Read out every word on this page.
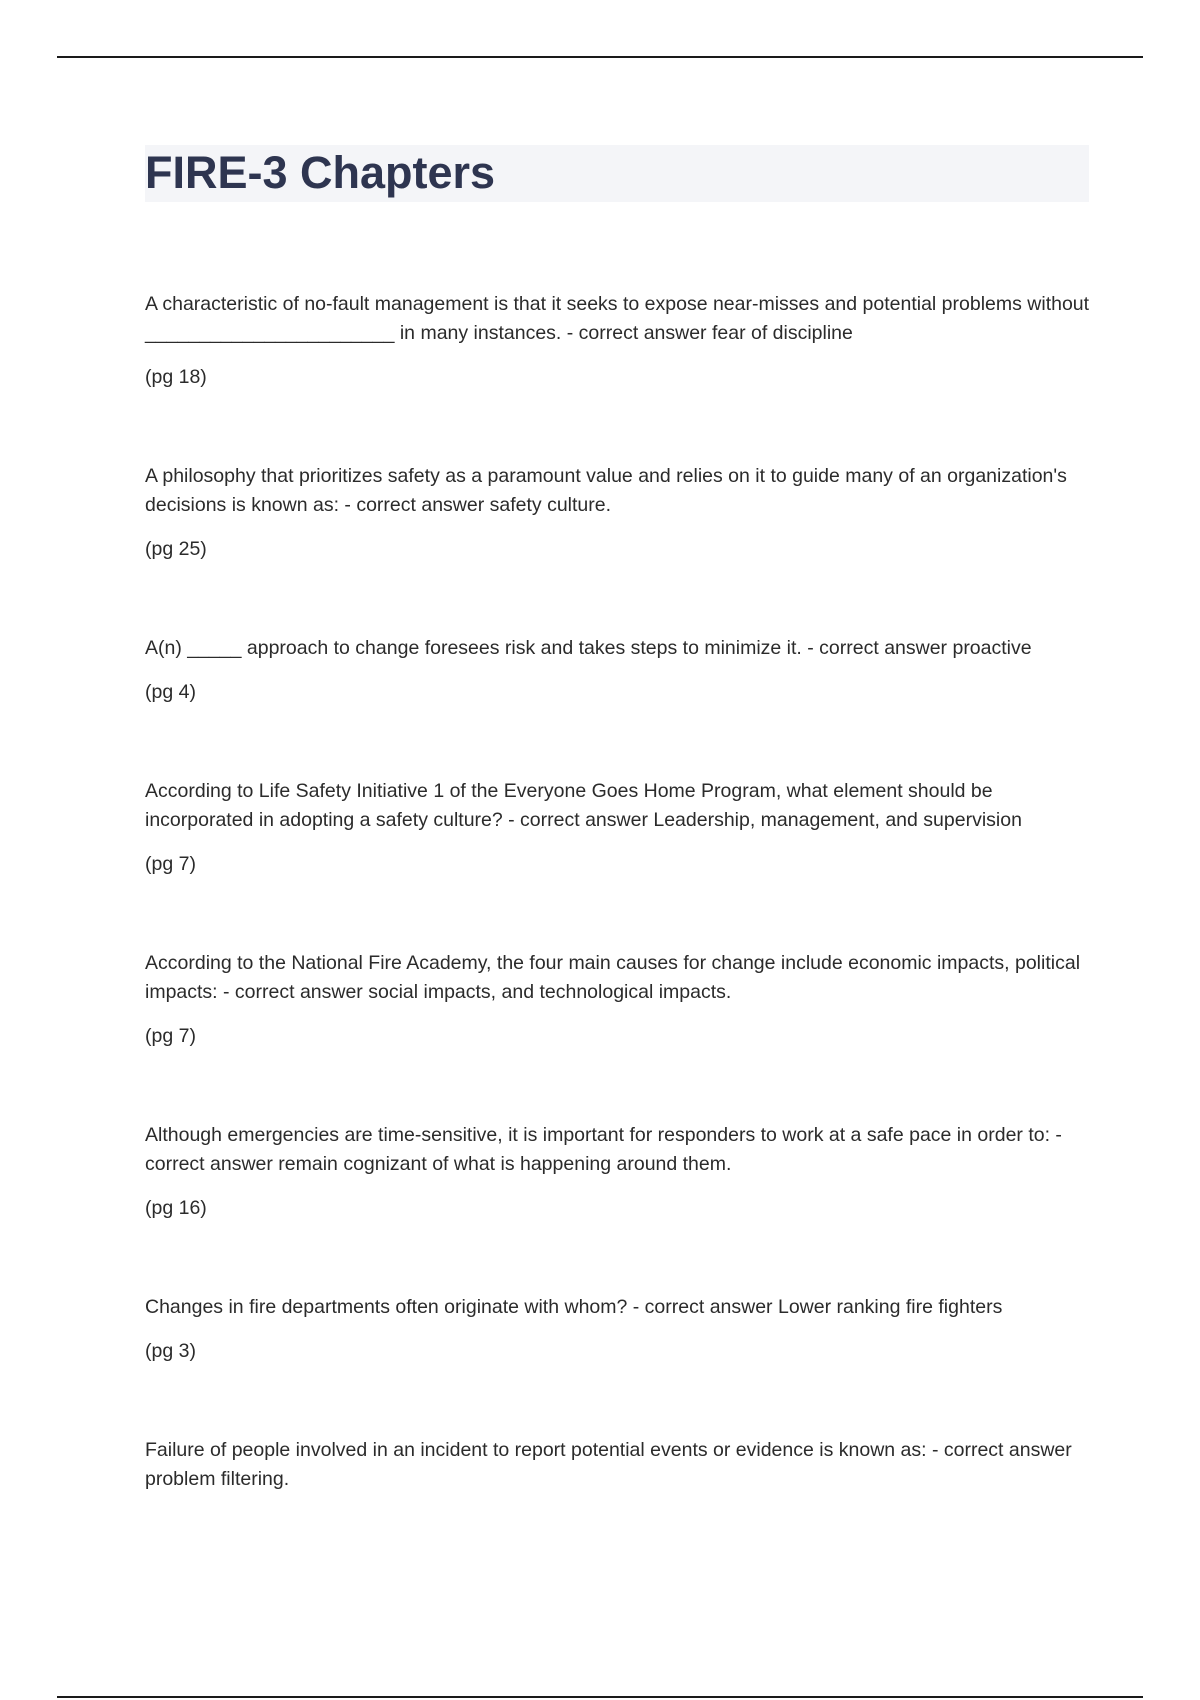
FIRE-3 Chapters

A characteristic of no-fault management is that it seeks to expose near-misses and potential problems without _______________________ in many instances. - correct answer fear of discipline

(pg 18)

A philosophy that prioritizes safety as a paramount value and relies on it to guide many of an organization's decisions is known as: - correct answer safety culture.

(pg 25)

A(n) _____ approach to change foresees risk and takes steps to minimize it. - correct answer proactive

(pg 4)

According to Life Safety Initiative 1 of the Everyone Goes Home Program, what element should be incorporated in adopting a safety culture? - correct answer Leadership, management, and supervision

(pg 7)

According to the National Fire Academy, the four main causes for change include economic impacts, political impacts: - correct answer social impacts, and technological impacts.

(pg 7)

Although emergencies are time-sensitive, it is important for responders to work at a safe pace in order to: - correct answer remain cognizant of what is happening around them.

(pg 16)

Changes in fire departments often originate with whom? - correct answer Lower ranking fire fighters

(pg 3)

Failure of people involved in an incident to report potential events or evidence is known as: - correct answer problem filtering.
